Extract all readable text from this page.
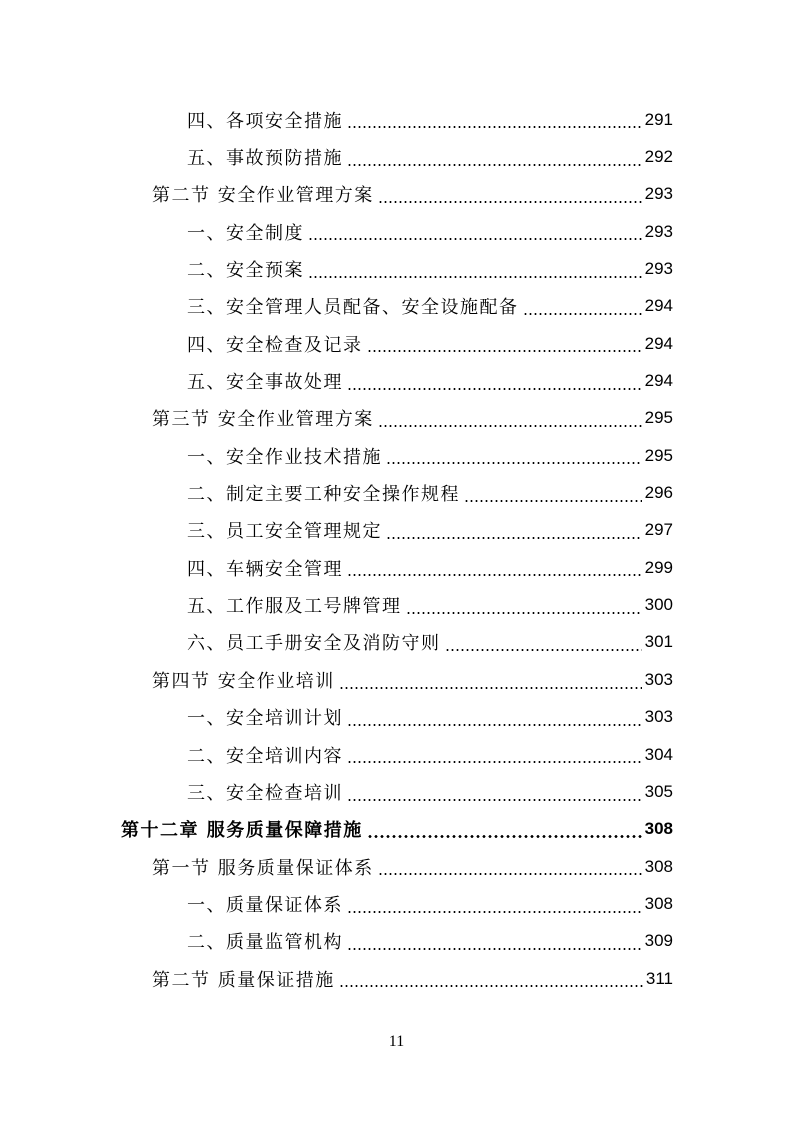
四、各项安全措施	291
五、事故预防措施	292
第二节 安全作业管理方案	293
一、安全制度	293
二、安全预案	293
三、安全管理人员配备、安全设施配备	294
四、安全检查及记录	294
五、安全事故处理	294
第三节 安全作业管理方案	295
一、安全作业技术措施	295
二、制定主要工种安全操作规程	296
三、员工安全管理规定	297
四、车辆安全管理	299
五、工作服及工号牌管理	300
六、员工手册安全及消防守则	301
第四节 安全作业培训	303
一、安全培训计划	303
二、安全培训内容	304
三、安全检查培训	305
第十二章 服务质量保障措施	308
第一节 服务质量保证体系	308
一、质量保证体系	308
二、质量监管机构	309
第二节 质量保证措施	311
11
